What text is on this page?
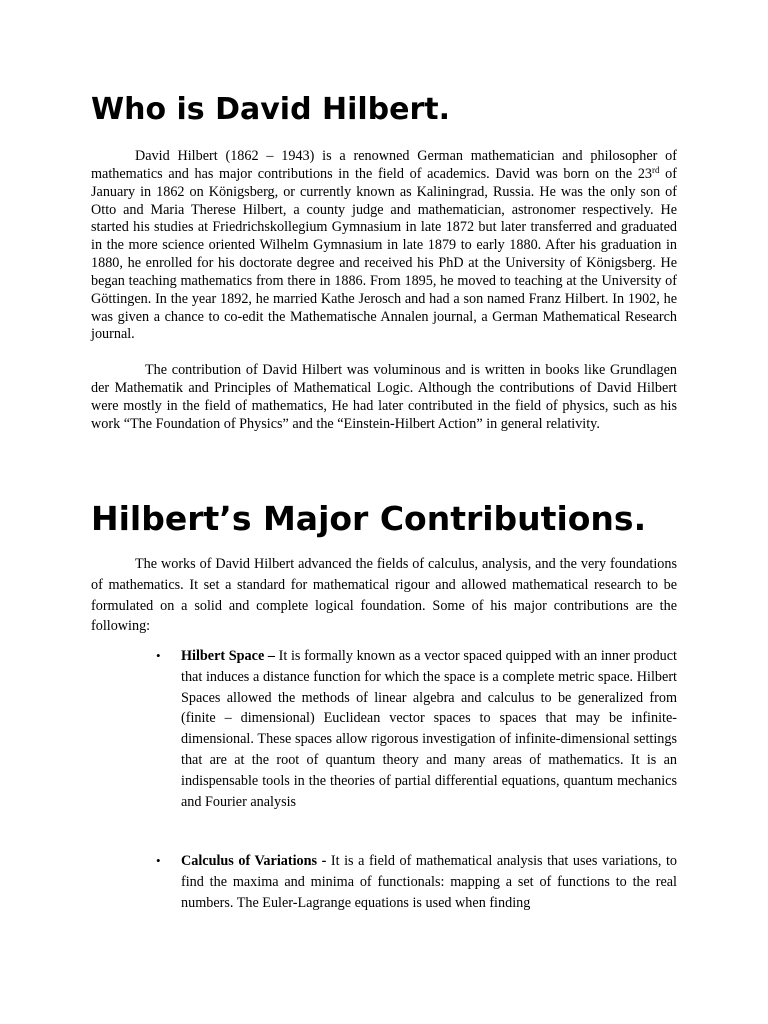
Who is David Hilbert.

David Hilbert (1862 – 1943) is a renowned German mathematician and philosopher of mathematics and has major contributions in the field of academics. David was born on the 23rd of January in 1862 on Königsberg, or currently known as Kaliningrad, Russia. He was the only son of Otto and Maria Therese Hilbert, a county judge and mathematician, astronomer respectively. He started his studies at Friedrichskollegium Gymnasium in late 1872 but later transferred and graduated in the more science oriented Wilhelm Gymnasium in late 1879 to early 1880. After his graduation in 1880, he enrolled for his doctorate degree and received his PhD at the University of Königsberg. He began teaching mathematics from there in 1886. From 1895, he moved to teaching at the University of Göttingen. In the year 1892, he married Kathe Jerosch and had a son named Franz Hilbert. In 1902, he was given a chance to co-edit the Mathematische Annalen journal, a German Mathematical Research journal.

The contribution of David Hilbert was voluminous and is written in books like Grundlagen der Mathematik and Principles of Mathematical Logic. Although the contributions of David Hilbert were mostly in the field of mathematics, He had later contributed in the field of physics, such as his work “The Foundation of Physics” and the “Einstein-Hilbert Action” in general relativity.

Hilbert’s Major Contributions.

The works of David Hilbert advanced the fields of calculus, analysis, and the very foundations of mathematics. It set a standard for mathematical rigour and allowed mathematical research to be formulated on a solid and complete logical foundation. Some of his major contributions are the following:

• Hilbert Space – It is formally known as a vector spaced quipped with an inner product that induces a distance function for which the space is a complete metric space. Hilbert Spaces allowed the methods of linear algebra and calculus to be generalized from (finite – dimensional) Euclidean vector spaces to spaces that may be infinite-dimensional. These spaces allow rigorous investigation of infinite-dimensional settings that are at the root of quantum theory and many areas of mathematics. It is an indispensable tools in the theories of partial differential equations, quantum mechanics and Fourier analysis
• Calculus of Variations - It is a field of mathematical analysis that uses variations, to find the maxima and minima of functionals: mapping a set of functions to the real numbers. The Euler-Lagrange equations is used when finding
